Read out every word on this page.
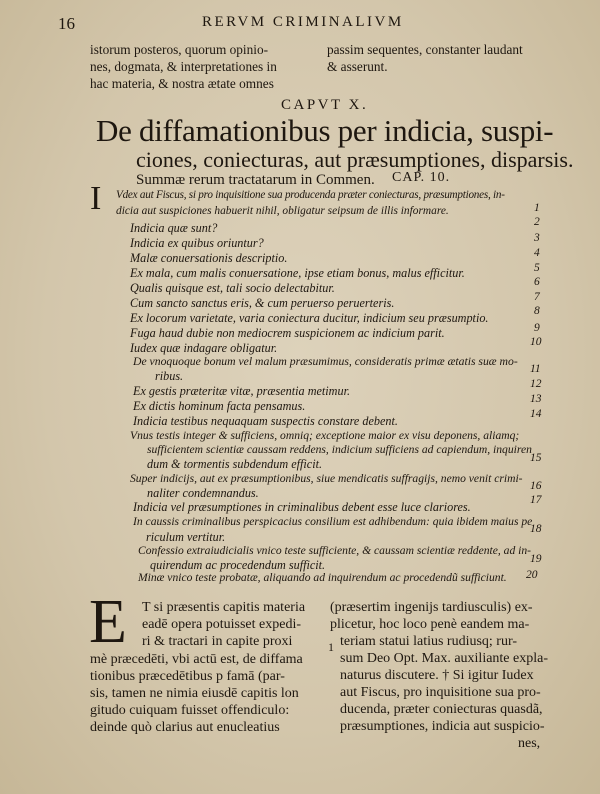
16	RERVM CRIMINALIVM
istorum posteros, quorum opinio-
nes, dogmata, & interpretationes in
hac materia, & nostra ætate omnes
passim sequentes, constanter laudant
& asserunt.
CAPVT X.
De diffamationibus per indicia, suspi-
ciones, coniecturas, aut præsumptiones, disparsis.
Summæ rerum tractatarum in Commen. CAP. 10.
I Vdex aut Fiscus, si pro inquisitione sua producenda præter coniecturas, præsumptiones, in-
dicia aut suspiciones habuerit nihil, obligatur seipsum de illis informare.	1
Indicia quæ sunt?	2
Indicia ex quibus oriuntur?	3
Malæ conuersationis descriptio.	4
Ex mala, cum malis conuersatione, ipse etiam bonus, malus efficitur.	5
Qualis quisque est, tali socio delectabitur.	6
Cum sancto sanctus eris, & cum peruerso peruerteris.	7
Ex locorum varietate, varia coniectura ducitur, indicium seu præsumptio.	8
Fuga haud dubie non mediocrem suspicionem ac indicium parit.	9
Iudex quæ indagare obligatur.	10
De vnoquoque bonum vel malum præsumimus, consideratis primæ ætatis suæ mo-
ribus.	11
Ex gestis præteritæ vitæ, præsentia metimur.	12
Ex dictis hominum facta pensamus.	13
Indicia testibus nequaquam suspectis constare debent.	14
Vnus testis integer & sufficiens, omniq; exceptione maior ex visu deponens, aliamq;
sufficientem scientiæ caussam reddens, indicium sufficiens ad capiendum, inquiren
dum & tormentis subdendum efficit.	15
Super indicijs, aut ex præsumptionibus, siue mendicatis suffragijs, nemo venit crimi-
naliter condemnandus.	16
Indicia vel præsumptiones in criminalibus debent esse luce clariores.	17
In caussis criminalibus perspicacius consilium est adhibendum: quia ibidem maius pe
riculum vertitur.
18
Confessio extraiudicialis vnico teste sufficiente, & caussam scientiæ reddente, ad in-
quirendum ac procedendum sufficit.	19
Minæ vnico teste probatæ, aliquando ad inquirendum ac procedendũ sufficiunt. 20
E T si præsentis capitis materia
eadē opera potuisset expedi-
ri & tractari in capite proxi
mè præcedēti, vbi actū est, de diffama
tionibus præcedētibus p famā (par-
sis, tamen ne nimia eiusdē capitis lon
gitudo cuiquam fuisset offendiculo:
deinde quò clarius aut enucleatius
1
(præsertim ingenijs tardiusculis) ex-
plicetur, hoc loco penè eandem ma-
teriam statui latius rudiusq; rur-
sum Deo Opt. Max. auxiliante expla-
naturus discutere. † Si igitur Iudex
aut Fiscus, pro inquisitione sua pro-
ducenda, præter coniecturas quasdã,
præsumptiones, indicia aut suspicio-
nes,
